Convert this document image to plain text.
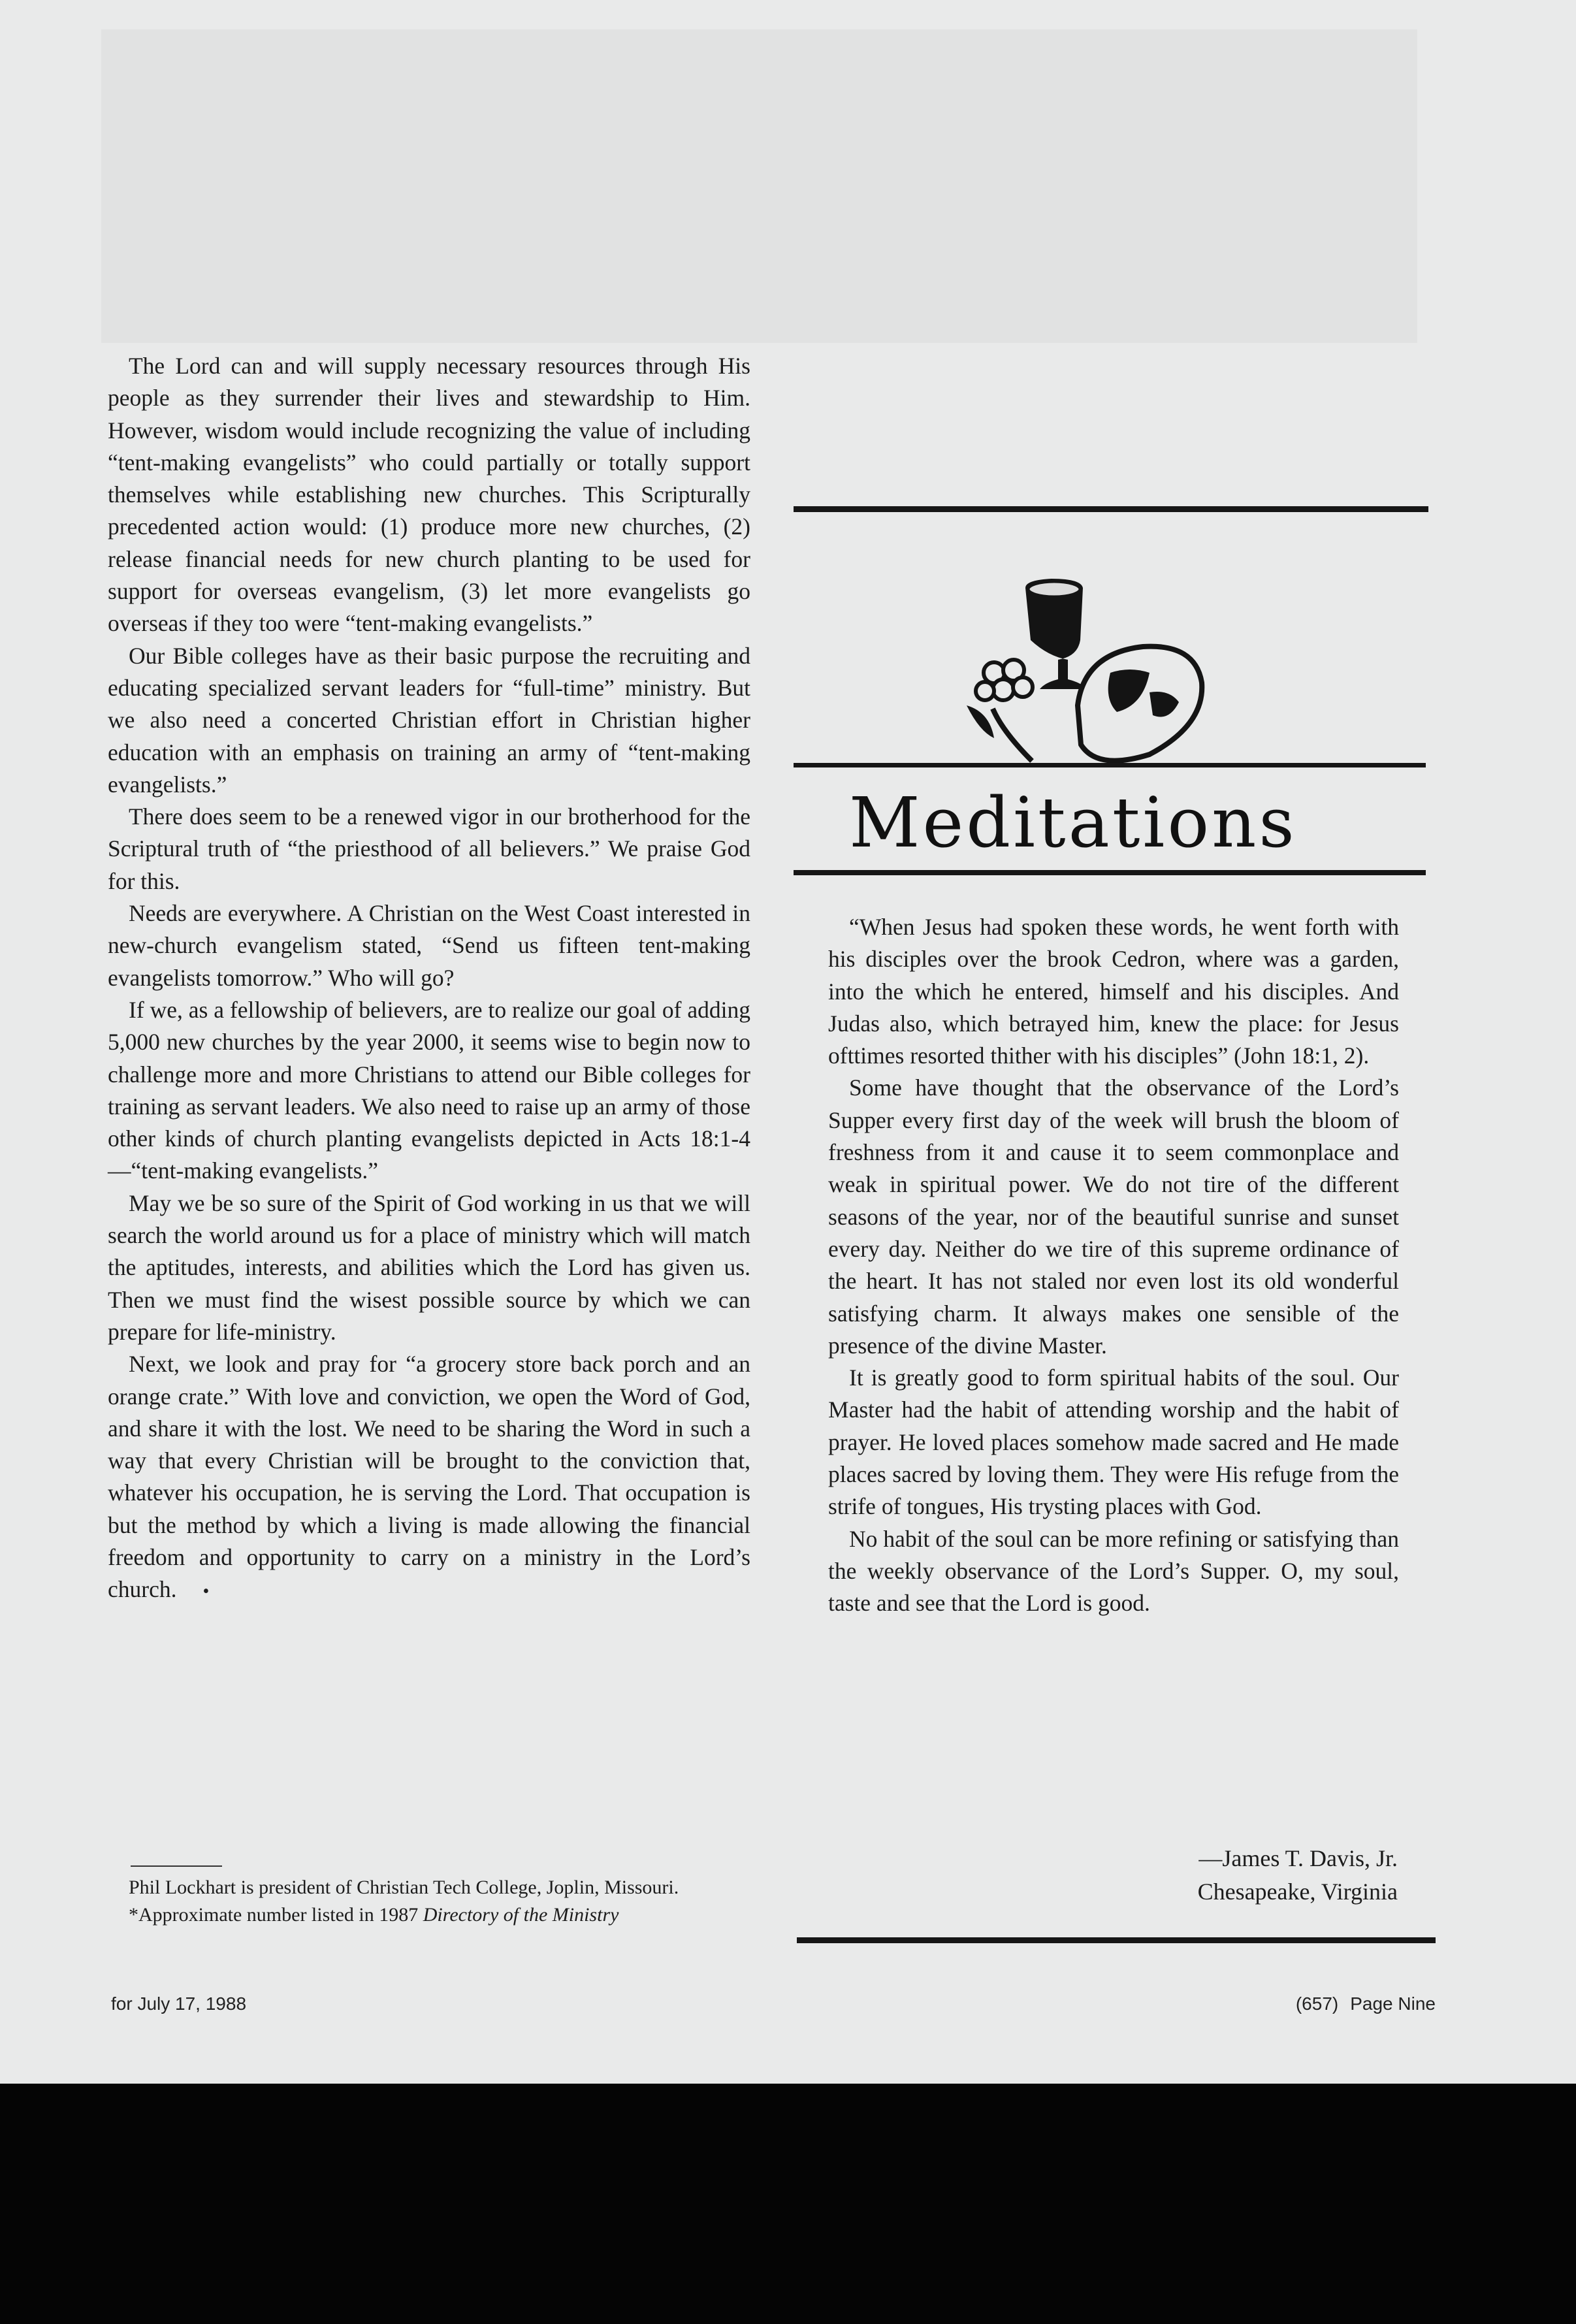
The Lord can and will supply necessary resources through His people as they surrender their lives and stewardship to Him. However, wisdom would include recognizing the value of including “tent-making evangelists” who could partially or totally support themselves while establishing new churches. This Scripturally precedented action would: (1) produce more new churches, (2) release financial needs for new church planting to be used for support for overseas evangelism, (3) let more evangelists go overseas if they too were “tent-making evangelists.”

Our Bible colleges have as their basic purpose the recruiting and educating specialized servant leaders for “full-time” ministry. But we also need a concerted Christian effort in Christian higher education with an emphasis on training an army of “tent-making evangelists.”

There does seem to be a renewed vigor in our brotherhood for the Scriptural truth of “the priesthood of all believers.” We praise God for this.

Needs are everywhere. A Christian on the West Coast interested in new-church evangelism stated, “Send us fifteen tent-making evangelists tomorrow.” Who will go?

If we, as a fellowship of believers, are to realize our goal of adding 5,000 new churches by the year 2000, it seems wise to begin now to challenge more and more Christians to attend our Bible colleges for training as servant leaders. We also need to raise up an army of those other kinds of church planting evangelists depicted in Acts 18:1-4—“tent-making evangelists.”

May we be so sure of the Spirit of God working in us that we will search the world around us for a place of ministry which will match the aptitudes, interests, and abilities which the Lord has given us. Then we must find the wisest possible source by which we can prepare for life-ministry.

Next, we look and pray for “a grocery store back porch and an orange crate.” With love and conviction, we open the Word of God, and share it with the lost. We need to be sharing the Word in such a way that every Christian will be brought to the conviction that, whatever his occupation, he is serving the Lord. That occupation is but the method by which a living is made allowing the financial freedom and opportunity to carry on a ministry in the Lord’s church. •

Phil Lockhart is president of Christian Tech College, Joplin, Missouri.

*Approximate number listed in 1987 Directory of the Ministry

Meditations

“When Jesus had spoken these words, he went forth with his disciples over the brook Cedron, where was a garden, into the which he entered, himself and his disciples. And Judas also, which betrayed him, knew the place: for Jesus ofttimes resorted thither with his disciples” (John 18:1, 2).

Some have thought that the observance of the Lord’s Supper every first day of the week will brush the bloom of freshness from it and cause it to seem commonplace and weak in spiritual power. We do not tire of the different seasons of the year, nor of the beautiful sunrise and sunset every day. Neither do we tire of this supreme ordinance of the heart. It has not staled nor even lost its old wonderful satisfying charm. It always makes one sensible of the presence of the divine Master.

It is greatly good to form spiritual habits of the soul. Our Master had the habit of attending worship and the habit of prayer. He loved places somehow made sacred and He made places sacred by loving them. They were His refuge from the strife of tongues, His trysting places with God.

No habit of the soul can be more refining or satisfying than the weekly observance of the Lord’s Supper. O, my soul, taste and see that the Lord is good.

—James T. Davis, Jr.
Chesapeake, Virginia
for July 17, 1988	(657) Page Nine
